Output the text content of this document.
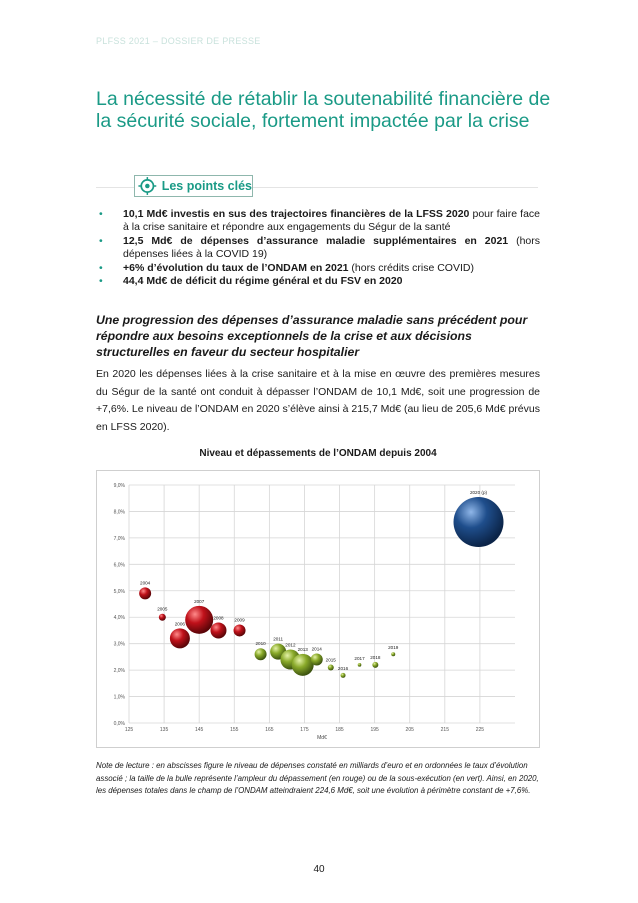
PLFSS 2021 – DOSSIER DE PRESSE
La nécessité de rétablir la soutenabilité financière de la sécurité sociale, fortement impactée par la crise
Les points clés
• 10,1 Md€ investis en sus des trajectoires financières de la LFSS 2020 pour faire face à la crise sanitaire et répondre aux engagements du Ségur de la santé
• 12,5 Md€ de dépenses d’assurance maladie supplémentaires en 2021 (hors dépenses liées à la COVID 19)
• +6% d’évolution du taux de l’ONDAM en 2021 (hors crédits crise COVID)
• 44,4 Md€ de déficit du régime général et du FSV en 2020
Une progression des dépenses d’assurance maladie sans précédent pour répondre aux besoins exceptionnels de la crise et aux décisions structurelles en faveur du secteur hospitalier
En 2020 les dépenses liées à la crise sanitaire et à la mise en œuvre des premières mesures du Ségur de la santé ont conduit à dépasser l’ONDAM de 10,1 Md€, soit une progression de +7,6%. Le niveau de l’ONDAM en 2020 s’élève ainsi à 215,7 Md€ (au lieu de 205,6 Md€ prévus en LFSS 2020).
Niveau et dépassements de l’ONDAM depuis 2004
0,0%
1,0%
2,0%
3,0%
4,0%
5,0%
6,0%
7,0%
8,0%
9,0%
125	135	145	155	165	175	185	195	205	215	225
Md€
2004
2005
2006
2007
2008 2009
2010
2011
2012
2013 2014
2015
2016
2017 2018
2019
2020 (p)
Note de lecture : en abscisses figure le niveau de dépenses constaté en milliards d’euro et en ordonnées le taux d’évolution associé ; la taille de la bulle représente l’ampleur du dépassement (en rouge) ou de la sous-exécution (en vert). Ainsi, en 2020, les dépenses totales dans le champ de l’ONDAM atteindraient 224,6 Md€, soit une évolution à périmètre constant de +7,6%.
40
